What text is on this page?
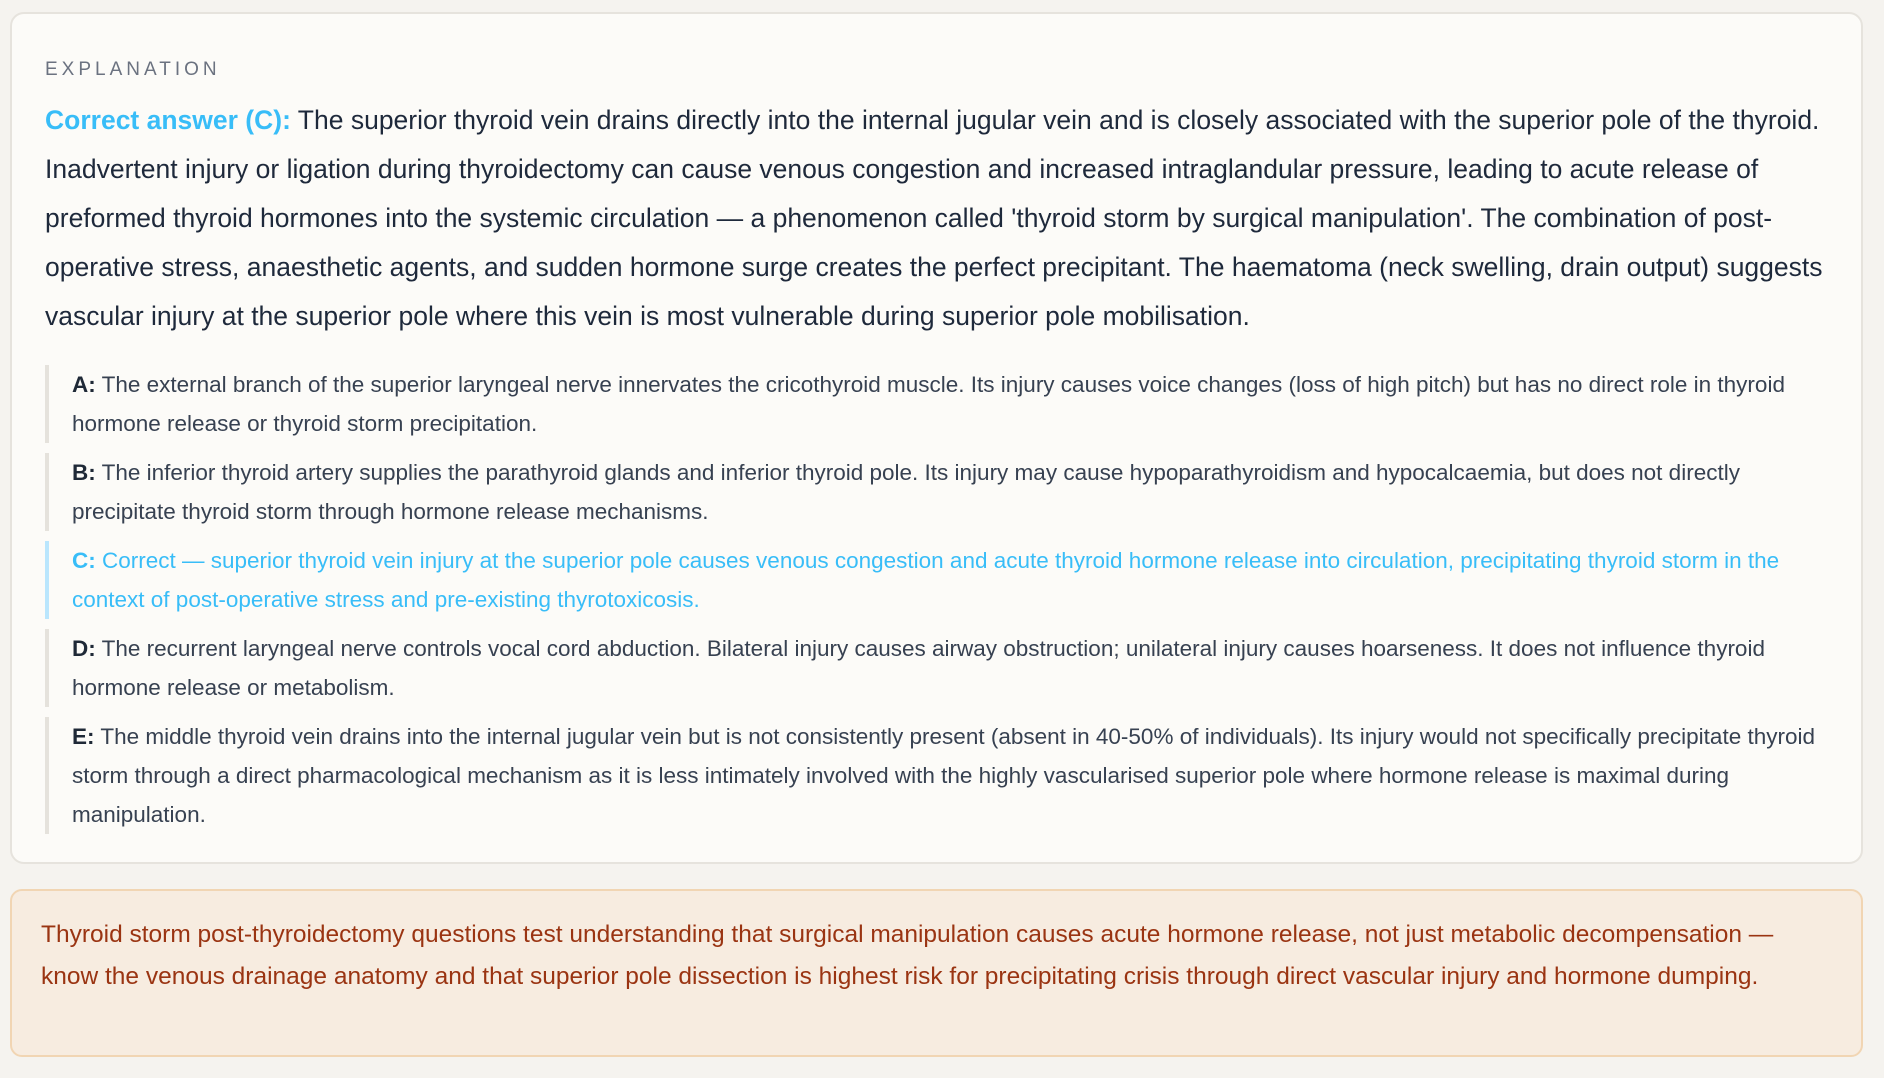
EXPLANATION

Correct answer (C): The superior thyroid vein drains directly into the internal jugular vein and is closely associated with the superior pole of the thyroid. Inadvertent injury or ligation during thyroidectomy can cause venous congestion and increased intraglandular pressure, leading to acute release of preformed thyroid hormones into the systemic circulation — a phenomenon called 'thyroid storm by surgical manipulation'. The combination of post-operative stress, anaesthetic agents, and sudden hormone surge creates the perfect precipitant. The haematoma (neck swelling, drain output) suggests vascular injury at the superior pole where this vein is most vulnerable during superior pole mobilisation.

A: The external branch of the superior laryngeal nerve innervates the cricothyroid muscle. Its injury causes voice changes (loss of high pitch) but has no direct role in thyroid hormone release or thyroid storm precipitation.
B: The inferior thyroid artery supplies the parathyroid glands and inferior thyroid pole. Its injury may cause hypoparathyroidism and hypocalcaemia, but does not directly precipitate thyroid storm through hormone release mechanisms.
C: Correct — superior thyroid vein injury at the superior pole causes venous congestion and acute thyroid hormone release into circulation, precipitating thyroid storm in the context of post-operative stress and pre-existing thyrotoxicosis.
D: The recurrent laryngeal nerve controls vocal cord abduction. Bilateral injury causes airway obstruction; unilateral injury causes hoarseness. It does not influence thyroid hormone release or metabolism.
E: The middle thyroid vein drains into the internal jugular vein but is not consistently present (absent in 40-50% of individuals). Its injury would not specifically precipitate thyroid storm through a direct pharmacological mechanism as it is less intimately involved with the highly vascularised superior pole where hormone release is maximal during manipulation.
Thyroid storm post-thyroidectomy questions test understanding that surgical manipulation causes acute hormone release, not just metabolic decompensation — know the venous drainage anatomy and that superior pole dissection is highest risk for precipitating crisis through direct vascular injury and hormone dumping.
